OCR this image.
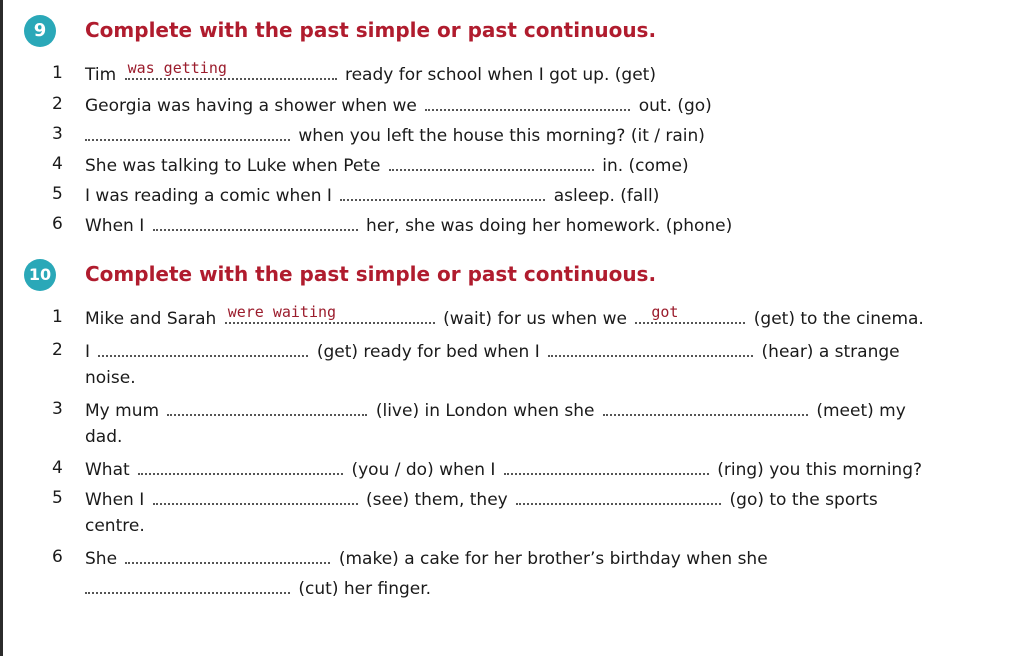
9	Complete with the past simple or past continuous.
1	Tim was getting	ready for school when I got up. (get)
2	Georgia was having a shower when we	out. (go)
3	when you left the house this morning? (it / rain)
4	She was talking to Luke when Pete	in. (come)
5	I was reading a comic when I	asleep. (fall)
6	When I	her, she was doing her homework. (phone)
10 Complete with the past simple or past continuous.
1	Mike and Sarah were waiting	(wait) for us when we got	(get) to the cinema.
2	I	(get) ready for bed when I	(hear) a strange
noise.
3	My mum	(live) in London when she	(meet) my
dad.
4	What	(you / do) when I	(ring) you this morning?
5	When I	(see) them, they	(go) to the sports
centre.
6	She	(make) a cake for her brother’s birthday when she
(cut) her finger.
